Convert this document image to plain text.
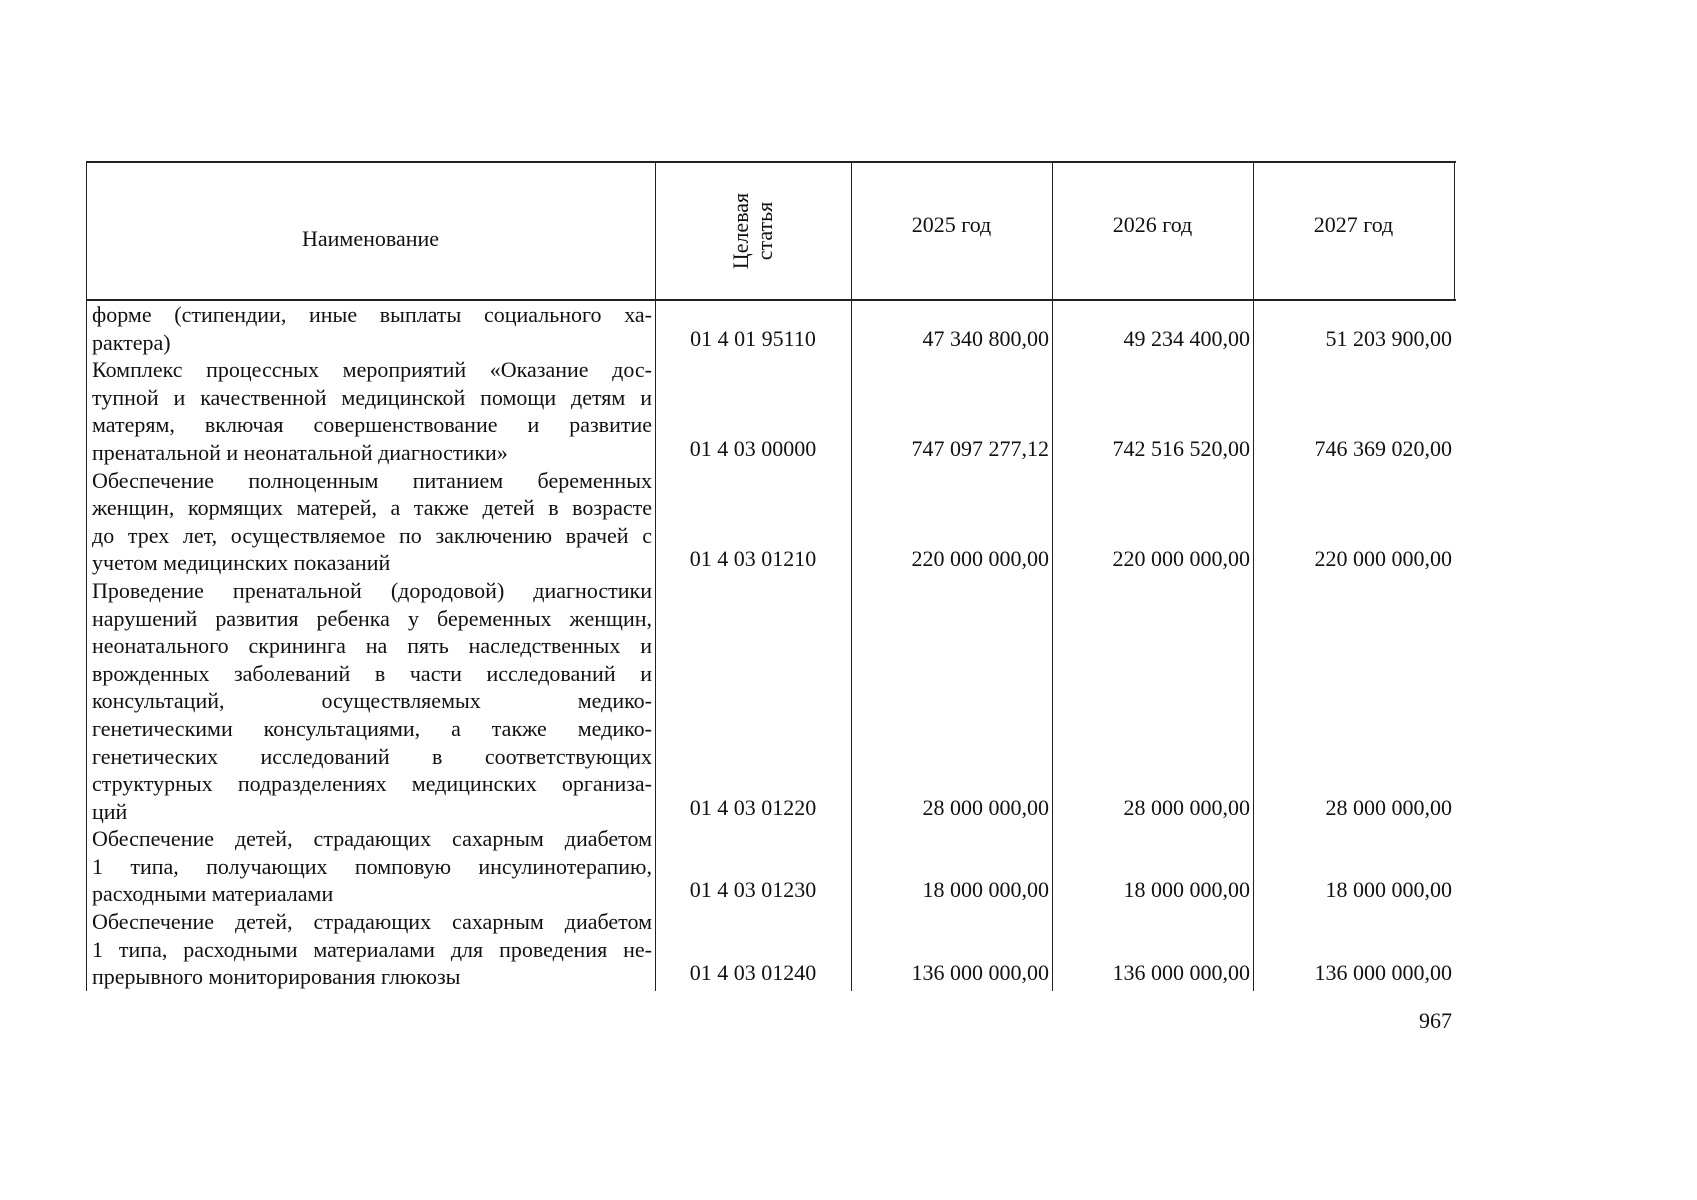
Наименование	Целевая статья	2025 год	2026 год	2027 год
форме (стипендии, иные выплаты социального ха-
рактера)	01 4 01 95110	47 340 800,00	49 234 400,00	51 203 900,00
Комплекс процессных мероприятий «Оказание дос-
тупной и качественной медицинской помощи детям и
матерям, включая совершенствование и развитие
пренатальной и неонатальной диагностики»	01 4 03 00000	747 097 277,12	742 516 520,00	746 369 020,00
Обеспечение полноценным питанием беременных
женщин, кормящих матерей, а также детей в возрасте
до трех лет, осуществляемое по заключению врачей с
учетом медицинских показаний	01 4 03 01210	220 000 000,00	220 000 000,00	220 000 000,00
Проведение пренатальной (дородовой) диагностики
нарушений развития ребенка у беременных женщин,
неонатального скрининга на пять наследственных и
врожденных заболеваний в части исследований и
консультаций, осуществляемых медико-
генетическими консультациями, а также медико-
генетических исследований в соответствующих
структурных подразделениях медицинских организа-
ций	01 4 03 01220	28 000 000,00	28 000 000,00	28 000 000,00
Обеспечение детей, страдающих сахарным диабетом
1 типа, получающих помповую инсулинотерапию,
расходными материалами	01 4 03 01230	18 000 000,00	18 000 000,00	18 000 000,00
Обеспечение детей, страдающих сахарным диабетом
1 типа, расходными материалами для проведения не-
прерывного мониторирования глюкозы	01 4 03 01240	136 000 000,00	136 000 000,00	136 000 000,00
967
